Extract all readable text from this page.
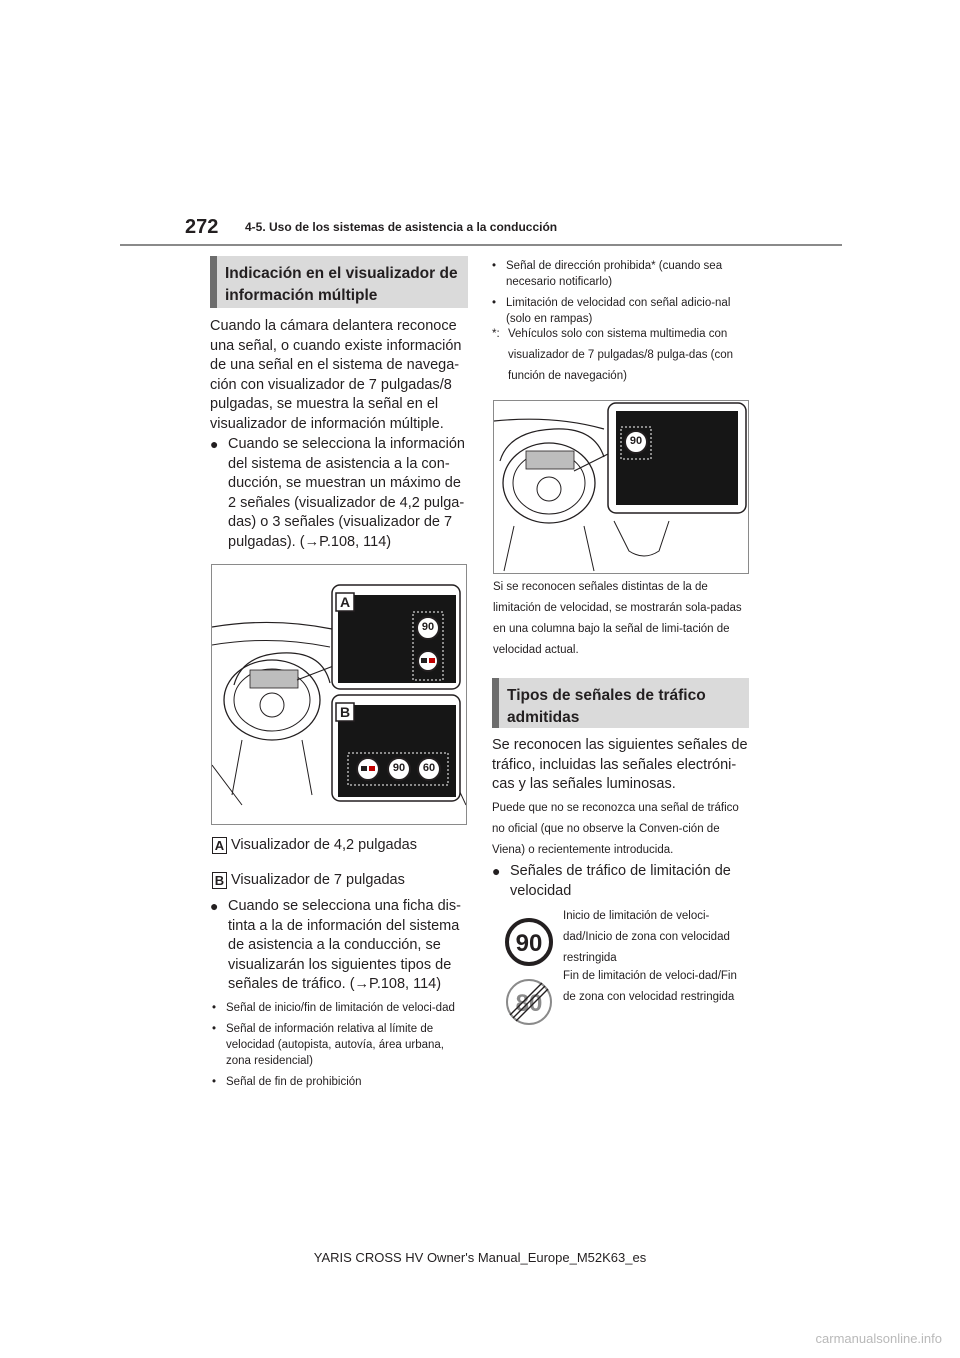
272 4-5. Uso de los sistemas de asistencia a la conducción
Indicación en el visualizador de información múltiple
Cuando la cámara delantera reconoce una señal, o cuando existe información de una señal en el sistema de navega-ción con visualizador de 7 pulgadas/8 pulgadas, se muestra la señal en el visualizador de información múltiple.
● Cuando se selecciona la información del sistema de asistencia a la con-ducción, se muestran un máximo de 2 señales (visualizador de 4,2 pulga-das) o 3 señales (visualizador de 7 pulgadas). (→P.108, 114)
A
B
90
90	60
A Visualizador de 4,2 pulgadas
B Visualizador de 7 pulgadas
● Cuando se selecciona una ficha dis-tinta a la de información del sistema de asistencia a la conducción, se visualizarán los siguientes tipos de señales de tráfico. (→P.108, 114)
• Señal de inicio/fin de limitación de veloci-dad
• Señal de información relativa al límite de velocidad (autopista, autovía, área urbana, zona residencial)
• Señal de fin de prohibición
• Señal de dirección prohibida* (cuando sea necesario notificarlo)
• Limitación de velocidad con señal adicio-nal (solo en rampas)
*: Vehículos solo con sistema multimedia con visualizador de 7 pulgadas/8 pulga-das (con función de navegación)
90
Si se reconocen señales distintas de la de limitación de velocidad, se mostrarán sola-padas en una columna bajo la señal de limi-tación de velocidad actual.
Tipos de señales de tráfico admitidas
Se reconocen las siguientes señales de tráfico, incluidas las señales electróni-cas y las señales luminosas.
Puede que no se reconozca una señal de tráfico no oficial (que no observe la Conven-ción de Viena) o recientemente introducida.
● Señales de tráfico de limitación de velocidad
90
Inicio de limitación de veloci-dad/Inicio de zona con velocidad restringida
80
Fin de limitación de veloci-dad/Fin de zona con velocidad restringida
YARIS CROSS HV Owner's Manual_Europe_M52K63_es
carmanualsonline.info
